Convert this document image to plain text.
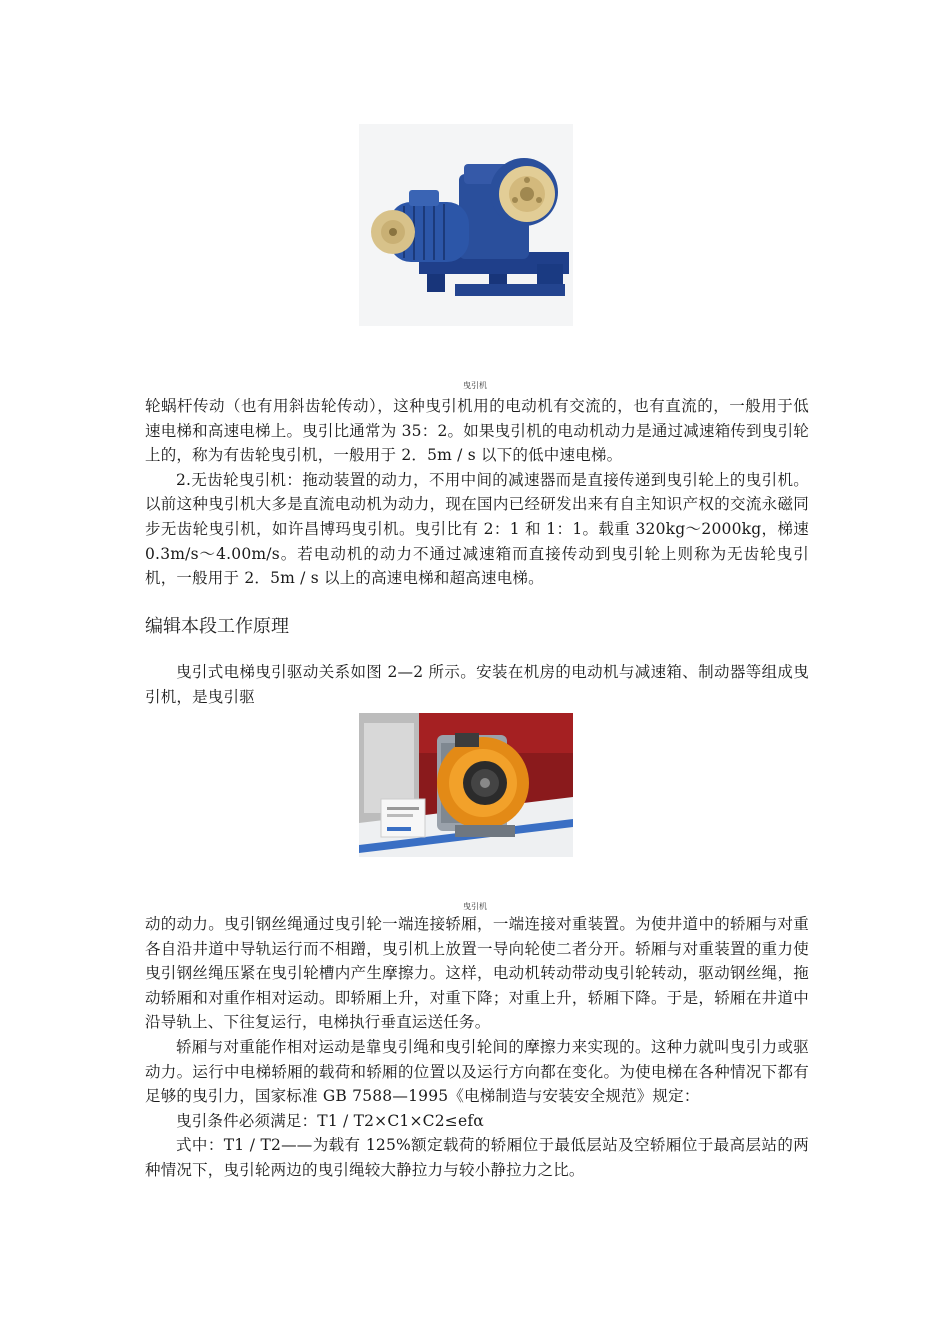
曳引机

轮蜗杆传动（也有用斜齿轮传动），这种曳引机用的电动机有交流的，也有直流的，一般用于低速电梯和高速电梯上。曳引比通常为 35：2。如果曳引机的电动机动力是通过减速箱传到曳引轮上的，称为有齿轮曳引机，一般用于 2．5m / s 以下的低中速电梯。

2.无齿轮曳引机：拖动装置的动力，不用中间的减速器而是直接传递到曳引轮上的曳引机。以前这种曳引机大多是直流电动机为动力，现在国内已经研发出来有自主知识产权的交流永磁同步无齿轮曳引机，如许昌博玛曳引机。曳引比有 2：1 和 1：1。载重 320kg～2000kg，梯速 0.3m/s～4.00m/s。若电动机的动力不通过减速箱而直接传动到曳引轮上则称为无齿轮曳引机，一般用于 2．5m / s 以上的高速电梯和超高速电梯。

编辑本段工作原理

曳引式电梯曳引驱动关系如图 2—2 所示。安装在机房的电动机与减速箱、制动器等组成曳引机，是曳引驱

曳引机

动的动力。曳引钢丝绳通过曳引轮一端连接轿厢，一端连接对重装置。为使井道中的轿厢与对重各自沿井道中导轨运行而不相蹭，曳引机上放置一导向轮使二者分开。轿厢与对重装置的重力使曳引钢丝绳压紧在曳引轮槽内产生摩擦力。这样，电动机转动带动曳引轮转动，驱动钢丝绳，拖动轿厢和对重作相对运动。即轿厢上升，对重下降；对重上升，轿厢下降。于是，轿厢在井道中沿导轨上、下往复运行，电梯执行垂直运送任务。

轿厢与对重能作相对运动是靠曳引绳和曳引轮间的摩擦力来实现的。这种力就叫曳引力或驱动力。运行中电梯轿厢的载荷和轿厢的位置以及运行方向都在变化。为使电梯在各种情况下都有足够的曳引力，国家标准 GB 7588—1995《电梯制造与安装安全规范》规定：

曳引条件必须满足：T1 / T2×C1×C2≤efα

式中：T1 / T2——为载有 125%额定载荷的轿厢位于最低层站及空轿厢位于最高层站的两种情况下，曳引轮两边的曳引绳较大静拉力与较小静拉力之比。
